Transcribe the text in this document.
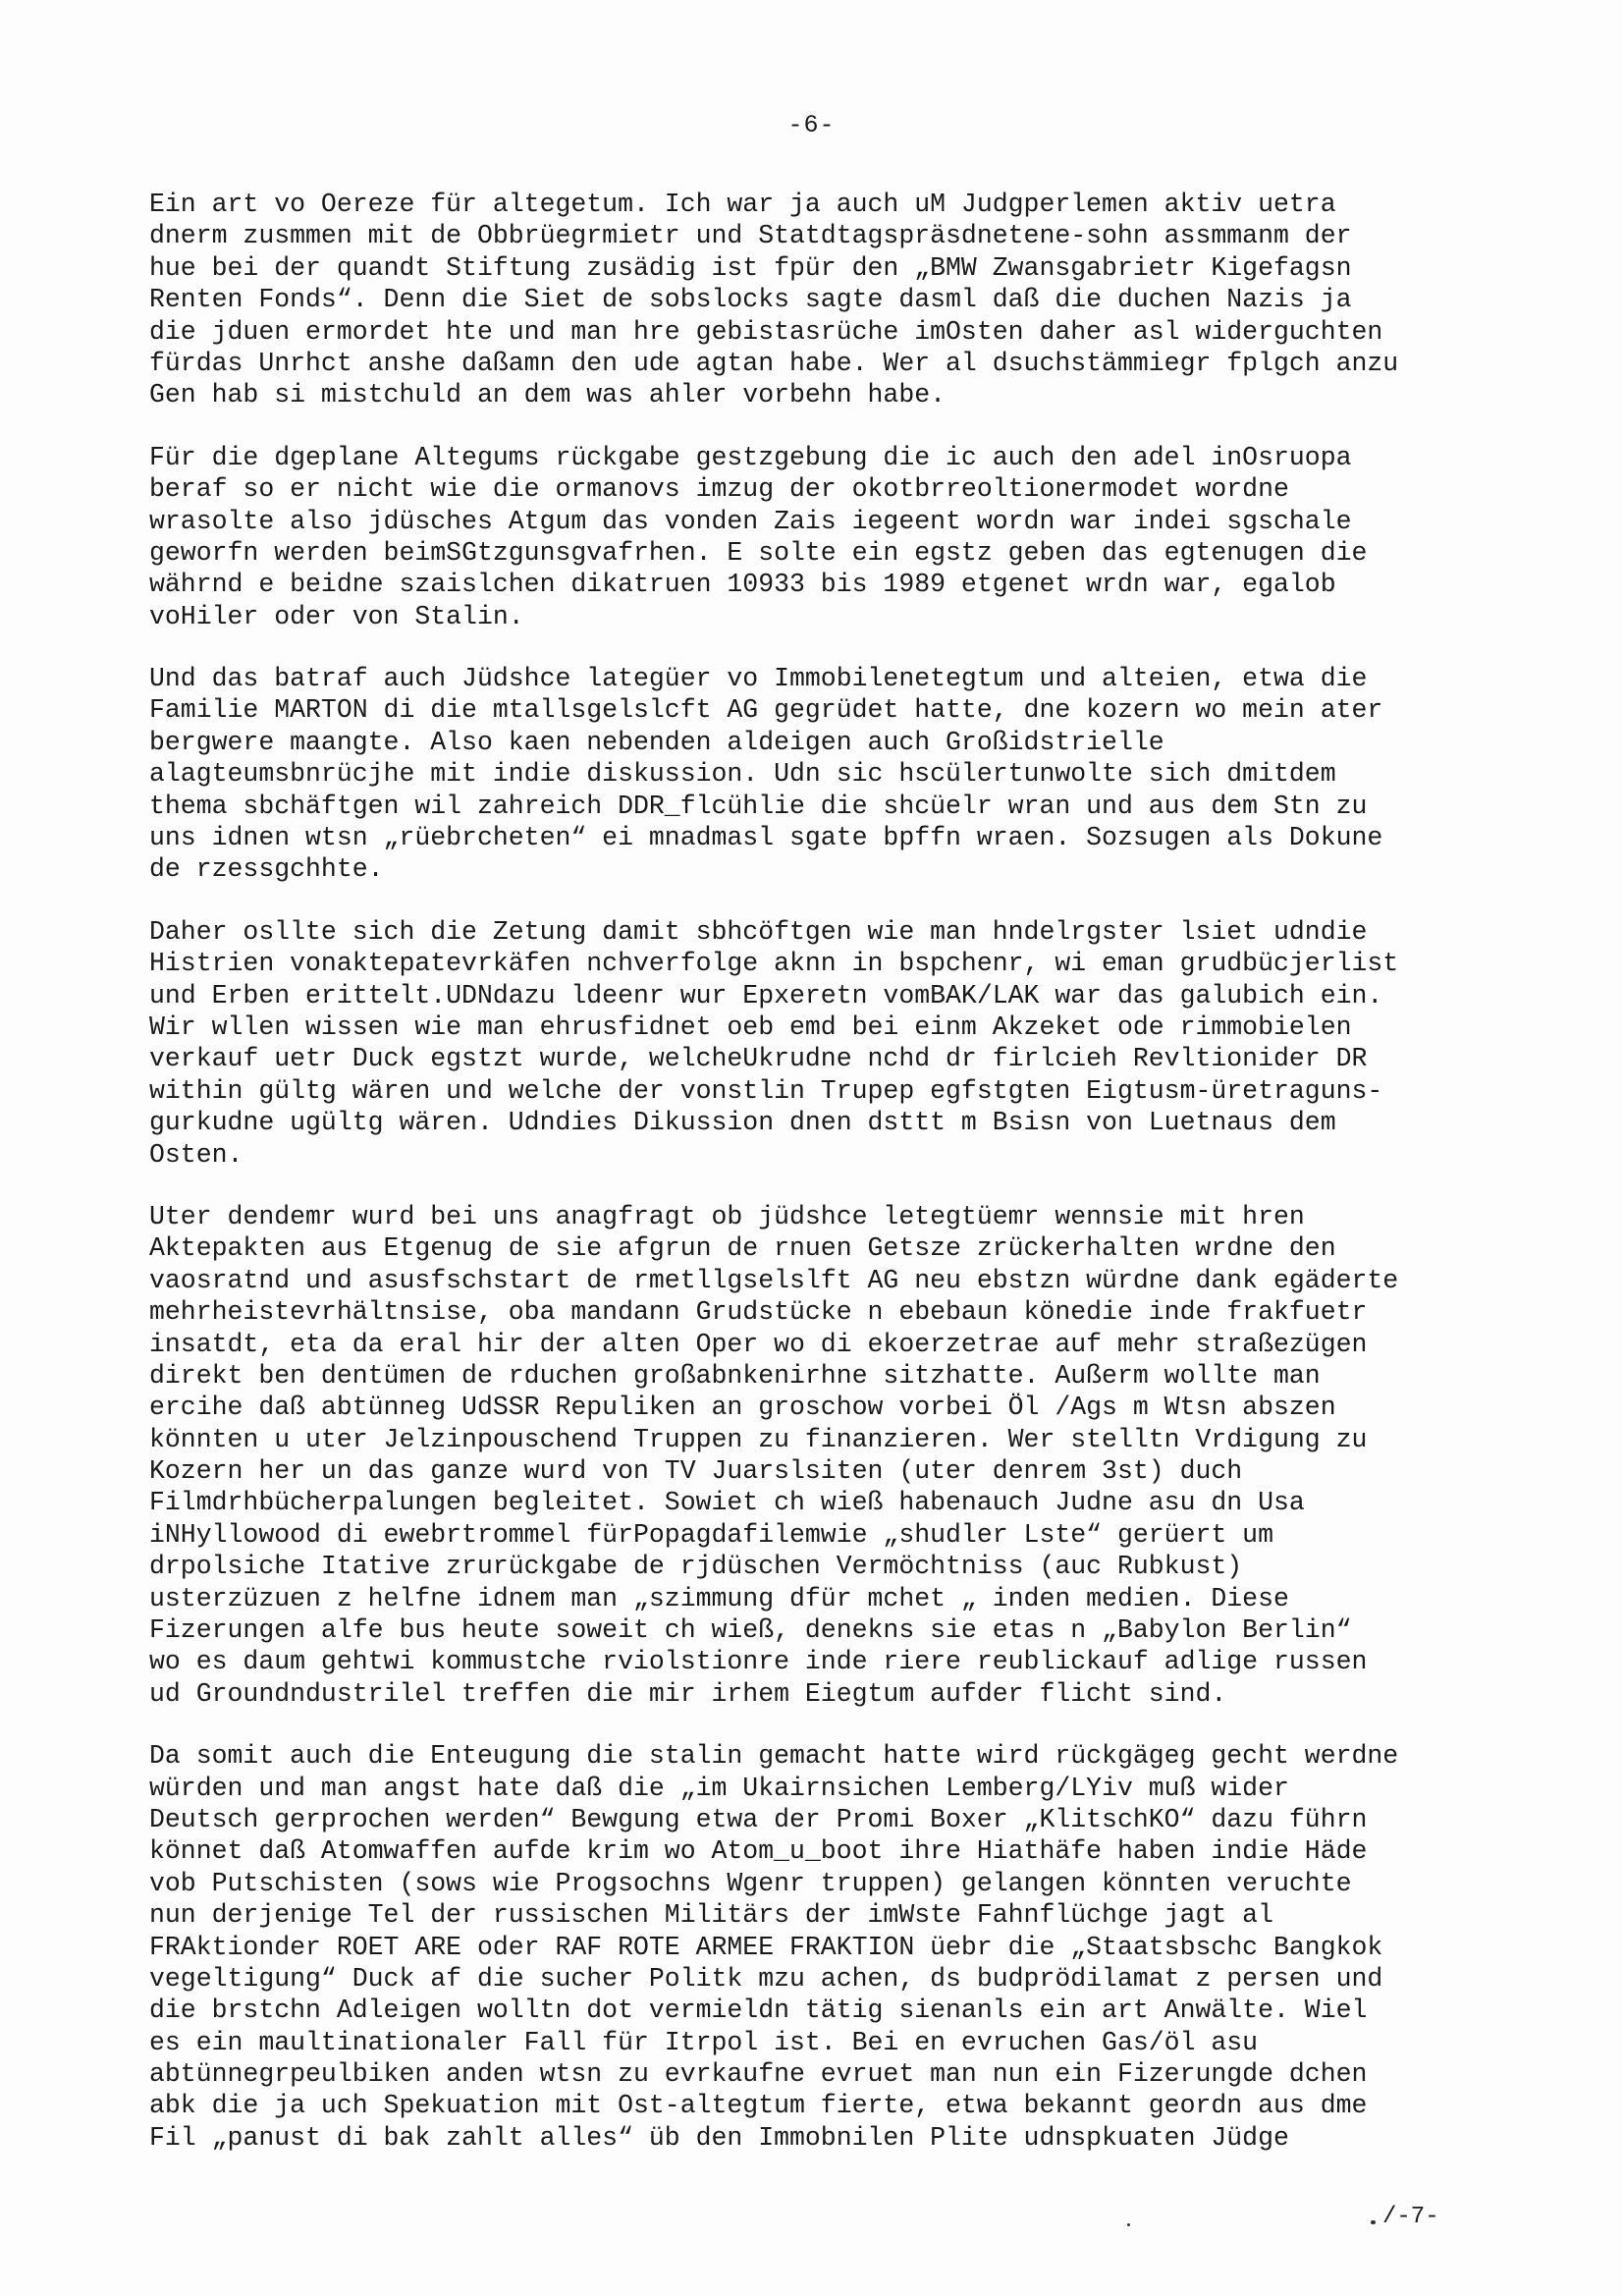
-6-
Ein art vo Oereze für altegetum. Ich war ja auch uM Judgperlemen aktiv uetra
dnerm zusmmen mit de Obbrüegrmietr und Statdtagspräsdnetene-sohn assmmanm der
hue bei der quandt Stiftung zusädig ist fpür den „BMW Zwansgabrietr Kigefagsn
Renten Fonds“. Denn die Siet de sobslocks sagte dasml daß die duchen Nazis ja
die jduen ermordet hte und man hre gebistasrüche imOsten daher asl widerguchten
fürdas Unrhct anshe daßamn den ude agtan habe. Wer al dsuchstämmiegr fplgch anzu
Gen hab si mistchuld an dem was ahler vorbehn habe.
Für die dgeplane Altegums rückgabe gestzgebung die ic auch den adel inOsruopa
beraf so er nicht wie die ormanovs imzug der okotbrreoltionermodet wordne
wrasolte also jdüsches Atgum das vonden Zais iegeent wordn war indei sgschale
geworfn werden beimSGtzgunsgvafrhen. E solte ein egstz geben das egtenugen die
währnd e beidne szaislchen dikatruen 10933 bis 1989 etgenet wrdn war, egalob
voHiler oder von Stalin.
Und das batraf auch Jüdshce lategüer vo Immobilenetegtum und alteien, etwa die
Familie MARTON di die mtallsgelslcft AG gegrüdet hatte, dne kozern wo mein ater
bergwere maangte. Also kaen nebenden aldeigen auch Großidstrielle
alagteumsbnrücjhe mit indie diskussion. Udn sic hscülertunwolte sich dmitdem
thema sbchäftgen wil zahreich DDR_flcühlie die shcüelr wran und aus dem Stn zu
uns idnen wtsn „rüebrcheten“ ei mnadmasl sgate bpffn wraen. Sozsugen als Dokune
de rzessgchhte.
Daher osllte sich die Zetung damit sbhcöftgen wie man hndelrgster lsiet udndie
Histrien vonaktepatevrkäfen nchverfolge aknn in bspchenr, wi eman grudbücjerlist
und Erben erittelt.UDNdazu ldeenr wur Epxeretn vomBAK/LAK war das galubich ein.
Wir wllen wissen wie man ehrusfidnet oeb emd bei einm Akzeket ode rimmobielen
verkauf uetr Duck egstzt wurde, welcheUkrudne nchd dr firlcieh Revltionider DR
within gültg wären und welche der vonstlin Trupep egfstgten Eigtusm-üretraguns-
gurkudne ugültg wären. Udndies Dikussion dnen dsttt m Bsisn von Luetnaus dem
Osten.
Uter dendemr wurd bei uns anagfragt ob jüdshce letegtüemr wennsie mit hren
Aktepakten aus Etgenug de sie afgrun de rnuen Getsze zrückerhalten wrdne den
vaosratnd und asusfschstart de rmetllgselslft AG neu ebstzn würdne dank egäderte
mehrheistevrhältnsise, oba mandann Grudstücke n ebebaun könedie inde frakfuetr
insatdt, eta da eral hir der alten Oper wo di ekoerzetrae auf mehr straßezügen
direkt ben dentümen de rduchen großabnkenirhne sitzhatte. Außerm wollte man
ercihe daß abtünneg UdSSR Repuliken an groschow vorbei Öl /Ags m Wtsn abszen
könnten u uter Jelzinpouschend Truppen zu finanzieren. Wer stelltn Vrdigung zu
Kozern her un das ganze wurd von TV Juarslsiten (uter denrem 3st) duch
Filmdrhbücherpalungen begleitet. Sowiet ch wieß habenauch Judne asu dn Usa
iNHyllowood di ewebrtrommel fürPopagdafilemwie „shudler Lste“ gerüert um
drpolsiche Itative zrurückgabe de rjdüschen Vermöchtniss (auc Rubkust)
usterzüzuen z helfne idnem man „szimmung dfür mchet „ inden medien. Diese
Fizerungen alfe bus heute soweit ch wieß, denekns sie etas n „Babylon Berlin“
wo es daum gehtwi kommustche rviolstionre inde riere reublickauf adlige russen
ud Groundndustrilel treffen die mir irhem Eiegtum aufder flicht sind.
Da somit auch die Enteugung die stalin gemacht hatte wird rückgägeg gecht werdne
würden und man angst hate daß die „im Ukairnsichen Lemberg/LYiv muß wider
Deutsch gerprochen werden“ Bewgung etwa der Promi Boxer „KlitschKO“ dazu führn
könnet daß Atomwaffen aufde krim wo Atom_u_boot ihre Hiathäfe haben indie Häde
vob Putschisten (sows wie Progsochns Wgenr truppen) gelangen könnten veruchte
nun derjenige Tel der russischen Militärs der imWste Fahnflüchge jagt al
FRAktionder ROET ARE oder RAF ROTE ARMEE FRAKTION üebr die „Staatsbschc Bangkok
vegeltigung“ Duck af die sucher Politk mzu achen, ds budprödilamat z persen und
die brstchn Adleigen wolltn dot vermieldn tätig sienanls ein art Anwälte. Wiel
es ein maultinationaler Fall für Itrpol ist. Bei en evruchen Gas/öl asu
abtünnegrpeulbiken anden wtsn zu evrkaufne evruet man nun ein Fizerungde dchen
abk die ja uch Spekuation mit Ost-altegtum fierte, etwa bekannt geordn aus dme
Fil „panust di bak zahlt alles“ üb den Immobnilen Plite udnspkuaten Jüdge
/-7-
